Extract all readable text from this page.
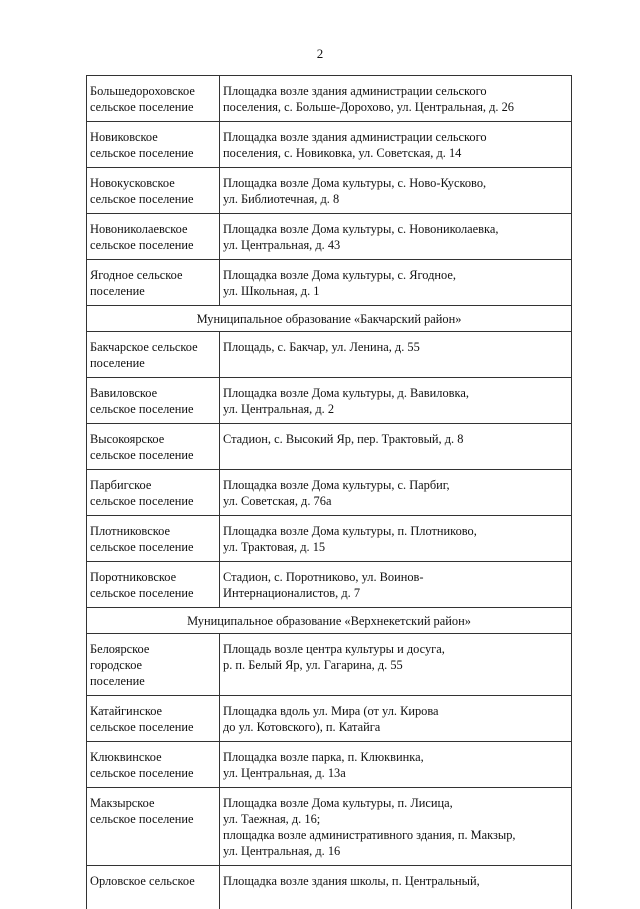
2
Большедороховское
сельское поселение	Площадка возле здания администрации сельского
поселения, с. Больше-Дорохово, ул. Центральная, д. 26
Новиковское
сельское поселение	Площадка возле здания администрации сельского
поселения, с. Новиковка, ул. Советская, д. 14
Новокусковское
сельское поселение	Площадка возле Дома культуры, с. Ново-Кусково,
ул. Библиотечная, д. 8
Новониколаевское
сельское поселение	Площадка возле Дома культуры, с. Новониколаевка,
ул. Центральная, д. 43
Ягодное сельское
поселение	Площадка возле Дома культуры, с. Ягодное,
ул. Школьная, д. 1
Муниципальное образование «Бакчарский район»	
Бакчарское сельское
поселение	Площадь, с. Бакчар, ул. Ленина, д. 55
Вавиловское
сельское поселение	Площадка возле Дома культуры, д. Вавиловка,
ул. Центральная, д. 2
Высокоярское
сельское поселение	Стадион, с. Высокий Яр, пер. Трактовый, д. 8
Парбигское
сельское поселение	Площадка возле Дома культуры, с. Парбиг,
ул. Советская, д. 76а
Плотниковское
сельское поселение	Площадка возле Дома культуры, п. Плотниково,
ул. Трактовая, д. 15
Поротниковское
сельское поселение	Стадион, с. Поротниково, ул. Воинов-
Интернационалистов, д. 7
Муниципальное образование «Верхнекетский район»	
Белоярское
городское
поселение	Площадь возле центра культуры и досуга,
р. п. Белый Яр, ул. Гагарина, д. 55
Катайгинское
сельское поселение	Площадка вдоль ул. Мира (от ул. Кирова
до ул. Котовского), п. Катайга
Клюквинское
сельское поселение	Площадка возле парка, п. Клюквинка,
ул. Центральная, д. 13а
Макзырское
сельское поселение	Площадка возле Дома культуры, п. Лисица,
ул. Таежная, д. 16;
площадка возле административного здания, п. Макзыр,
ул. Центральная, д. 16
Орловское сельское	Площадка возле здания школы, п. Центральный,
